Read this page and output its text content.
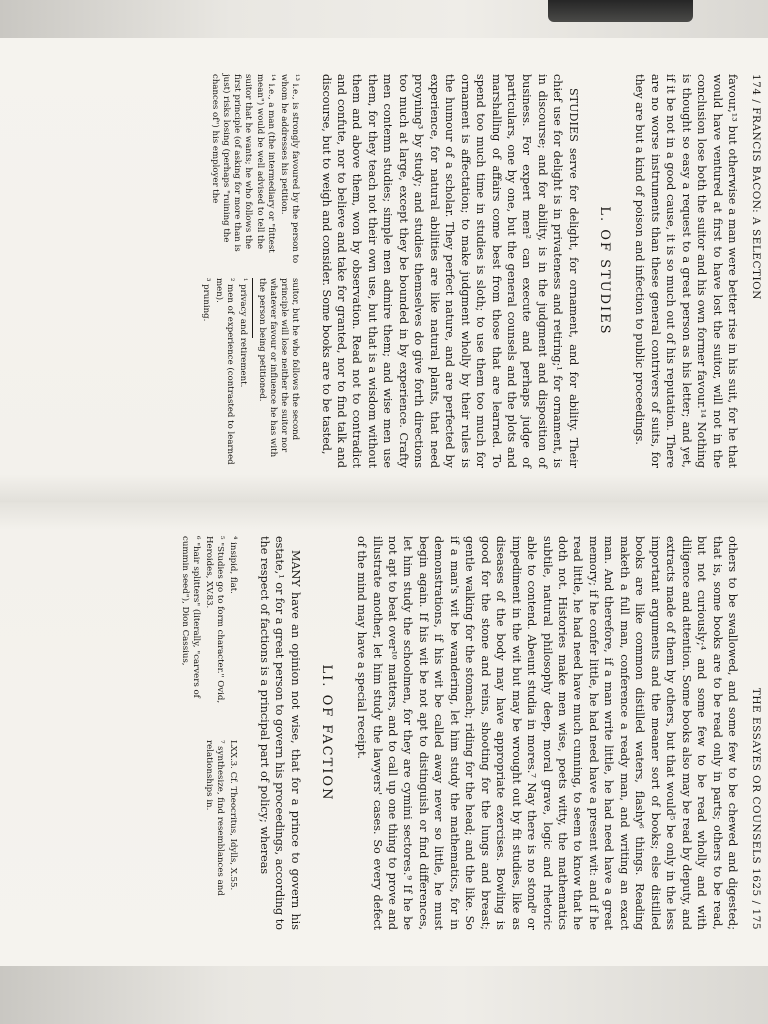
174 / FRANCIS BACON: A SELECTION

favour,¹³ but otherwise a man were better rise in his suit, for he that would have ventured at first to have lost the suitor, will not in the conclusion lose both the suitor and his own former favour.¹⁴ Nothing is thought so easy a request to a great person as his letter; and yet, if it be not in a good cause, it is so much out of his reputation. There are no worse instruments than these general contrivers of suits, for they are but a kind of poison and infection to public proceedings.

L. OF STUDIES

STUDIES serve for delight, for ornament, and for ability. Their chief use for delight is in privateness and retiring;¹ for ornament, is in discourse; and for ability, is in the judgment and disposition of business. For expert men² can execute and perhaps judge of particulars, one by one, but the general counsels and the plots and marshalling of affairs come best from those that are learned. To spend too much time in studies is sloth; to use them too much for ornament is affectation; to make judgment wholly by their rules is the humour of a scholar. They perfect nature, and are perfected by experience, for natural abilities are like natural plants, that need proyning³ by study; and studies themselves do give forth directions too much at large, except they be bounded in by experience. Crafty men contemn studies; simple men admire them; and wise men use them, for they teach not their own use, but that is a wisdom without them and above them, won by observation. Read not to contradict and confute, nor to believe and take for granted, nor to find talk and discourse, but to weigh and consider. Some books are to be tasted,

¹³ i.e., is strongly favoured by the person to whom he addresses his petition.
¹⁴ i.e., a man (the intermediary or "fittest mean") would be well advised to tell the suitor that he wants; he who follows the first principle (of asking for more than is just) risks losing (perhaps "ruining the chances of") his employer the
suitor, but he who follows the second principle will lose neither the suitor nor whatever favour or influence he has with the person being petitioned.
¹ privacy and retirement.
² men of experience (contrasted to learned men).
³ pruning.
THE ESSAYES OR COUNSELS 1625 / 175

others to be swallowed, and some few to be chewed and digested; that is, some books are to be read only in parts; others to be read, but not curiously;⁴ and some few to be read wholly and with diligence and attention. Some books also may be read by deputy, and extracts made of them by others, but that would⁵ be only in the less important arguments and the meaner sort of books; else distilled books are like common distilled waters, flashy⁶ things. Reading maketh a full man, conference a ready man, and writing an exact man. And therefore, if a man write little, he had need have a great memory; if he confer little, he had need have a present wit: and if he read little, he had need have much cunning, to seem to know that he doth not. Histories make men wise, poets witty, the mathematics subtile, natural philosophy deep, moral grave, logic and rhetoric able to contend. Abeunt studia in mores.⁷ Nay there is no stond⁸ or impediment in the wit but may be wrought out by fit studies, like as diseases of the body may have appropriate exercises. Bowling is good for the stone and reins, shooting for the lungs and breast; gentle walking for the stomach; riding for the head; and the like. So if a man's wit be wandering, let him study the mathematics, for in demonstrations, if his wit be called away never so little, he must begin again. If his wit be not apt to distinguish or find differences, let him study the schoolmen, for they are cymini sectores.⁹ If he be not apt to beat over¹⁰ matters, and to call up one thing to prove and illustrate another, let him study the lawyers' cases. So every defect of the mind may have a special receipt.

LI. OF FACTION

MANY have an opinion not wise, that for a prince to govern his estate,¹ or for a great person to govern his proceedings, according to the respect of factions is a principal part of policy; whereas

⁴ insipid, flat.
⁵ "Studies go to form character." Ovid, Heroides, XV.83.
⁶ "hair splitters" (literally, "carvers of cummin seed"), Dion Cassius,
LXX.3. Cf. Theocritus, Idylls, X.55.
⁷ synthesize, find resemblances and relationships in.
